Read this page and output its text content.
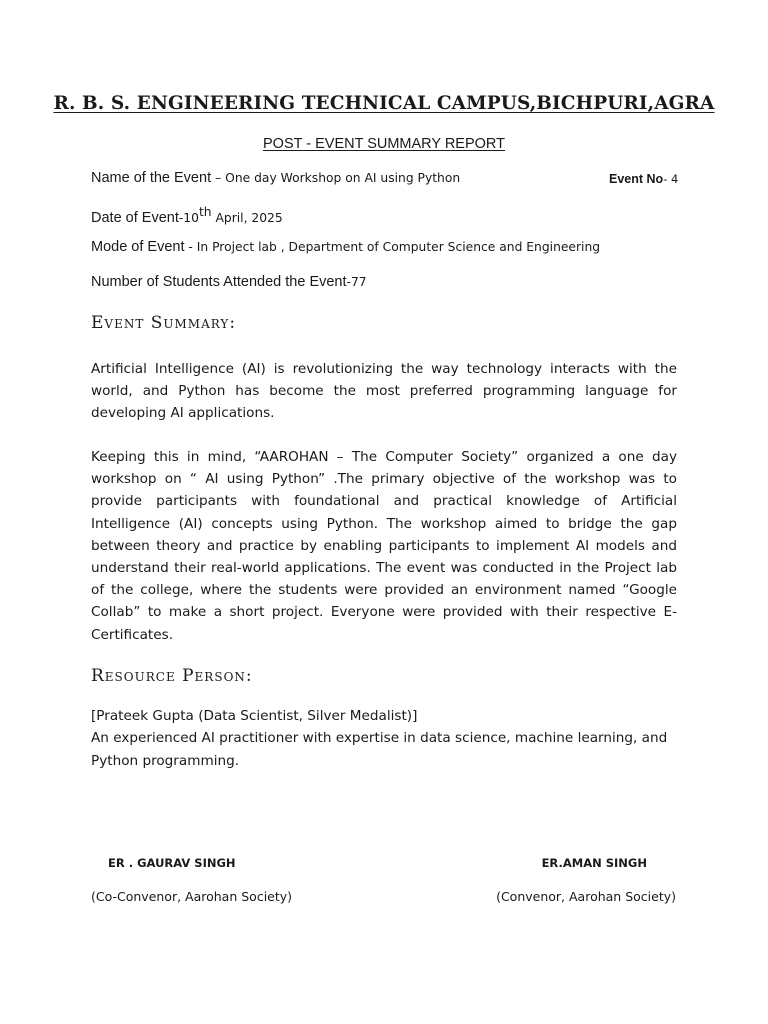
R. B. S. ENGINEERING TECHNICAL CAMPUS,BICHPURI,AGRA
POST - EVENT SUMMARY REPORT
Name of the Event – One day Workshop on AI using Python	Event No- 4
Date of Event-10th April, 2025
Mode of Event - In Project lab , Department of Computer Science and Engineering
Number of Students Attended the Event-77
Event Summary:

Artificial Intelligence (AI) is revolutionizing the way technology interacts with the world, and Python has become the most preferred programming language for developing AI applications.

Keeping this in mind, “AAROHAN – The Computer Society” organized a one day workshop on “ AI using Python” .The primary objective of the workshop was to provide participants with foundational and practical knowledge of Artificial Intelligence (AI) concepts using Python. The workshop aimed to bridge the gap between theory and practice by enabling participants to implement AI models and understand their real-world applications. The event was conducted in the Project lab of the college, where the students were provided an environment named “Google Collab” to make a short project. Everyone were provided with their respective E-Certificates.

Resource Person:
[Prateek Gupta (Data Scientist, Silver Medalist)]
An experienced AI practitioner with expertise in data science, machine learning, and Python programming.
ER . GAURAV SINGH
(Co-Convenor, Aarohan Society)
ER.AMAN SINGH
(Convenor, Aarohan Society)
